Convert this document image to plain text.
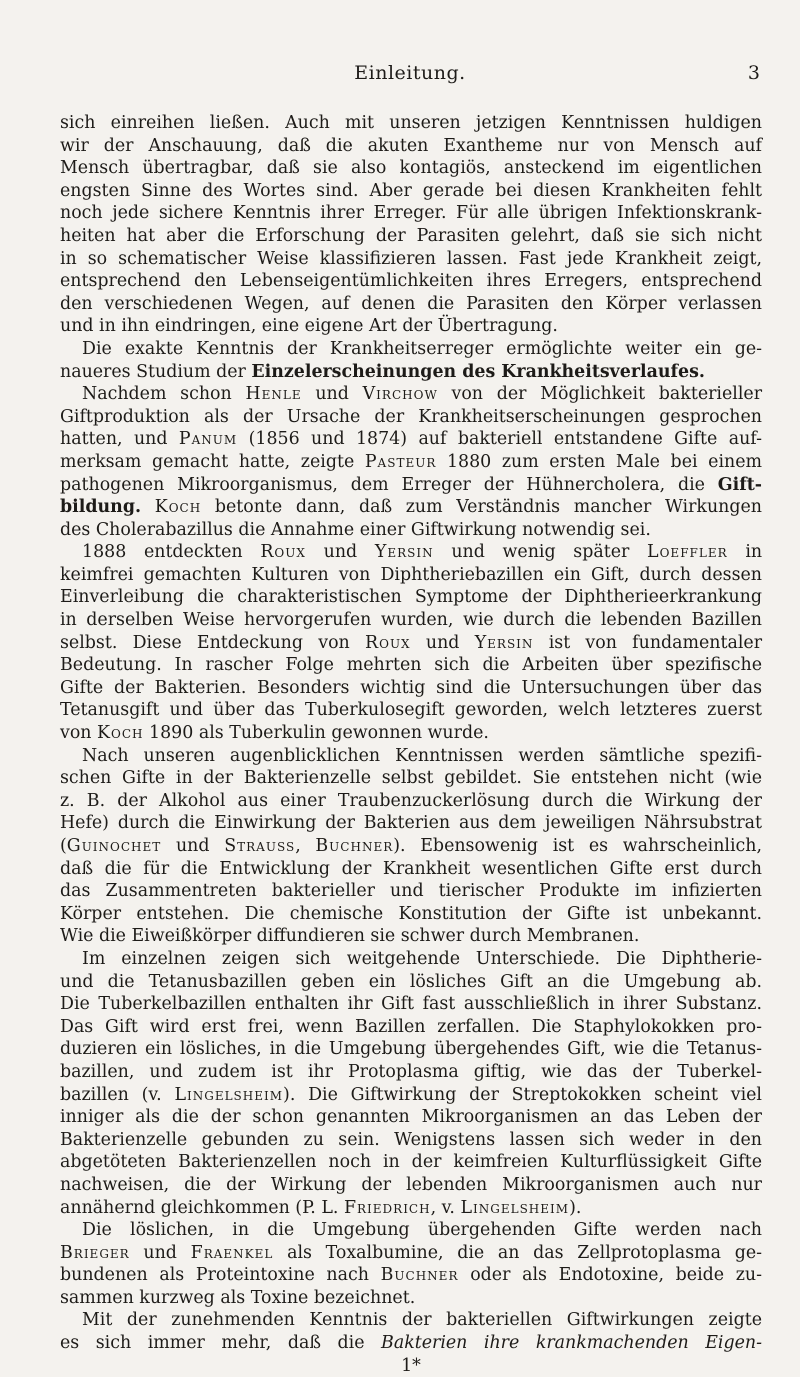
Einleitung.	3
sich einreihen ließen. Auch mit unseren jetzigen Kenntnissen huldigen
wir der Anschauung, daß die akuten Exantheme nur von Mensch auf
Mensch übertragbar, daß sie also kontagiös, ansteckend im eigentlichen
engsten Sinne des Wortes sind. Aber gerade bei diesen Krankheiten fehlt
noch jede sichere Kenntnis ihrer Erreger. Für alle übrigen Infektionskrank-
heiten hat aber die Erforschung der Parasiten gelehrt, daß sie sich nicht
in so schematischer Weise klassifizieren lassen. Fast jede Krankheit zeigt,
entsprechend den Lebenseigentümlichkeiten ihres Erregers, entsprechend
den verschiedenen Wegen, auf denen die Parasiten den Körper verlassen
und in ihn eindringen, eine eigene Art der Übertragung.
Die exakte Kenntnis der Krankheitserreger ermöglichte weiter ein ge-
naueres Studium der Einzelerscheinungen des Krankheitsverlaufes.
Nachdem schon Henle und Virchow von der Möglichkeit bakterieller
Giftproduktion als der Ursache der Krankheitserscheinungen gesprochen
hatten, und Panum (1856 und 1874) auf bakteriell entstandene Gifte auf-
merksam gemacht hatte, zeigte Pasteur 1880 zum ersten Male bei einem
pathogenen Mikroorganismus, dem Erreger der Hühnercholera, die Gift-
bildung. Koch betonte dann, daß zum Verständnis mancher Wirkungen
des Cholerabazillus die Annahme einer Giftwirkung notwendig sei.
1888 entdeckten Roux und Yersin und wenig später Loeffler in
keimfrei gemachten Kulturen von Diphtheriebazillen ein Gift, durch dessen
Einverleibung die charakteristischen Symptome der Diphtherieerkrankung
in derselben Weise hervorgerufen wurden, wie durch die lebenden Bazillen
selbst. Diese Entdeckung von Roux und Yersin ist von fundamentaler
Bedeutung. In rascher Folge mehrten sich die Arbeiten über spezifische
Gifte der Bakterien. Besonders wichtig sind die Untersuchungen über das
Tetanusgift und über das Tuberkulosegift geworden, welch letzteres zuerst
von Koch 1890 als Tuberkulin gewonnen wurde.
Nach unseren augenblicklichen Kenntnissen werden sämtliche spezifi-
schen Gifte in der Bakterienzelle selbst gebildet. Sie entstehen nicht (wie
z. B. der Alkohol aus einer Traubenzuckerlösung durch die Wirkung der
Hefe) durch die Einwirkung der Bakterien aus dem jeweiligen Nährsubstrat
(Guinochet und Strauss, Buchner). Ebensowenig ist es wahrscheinlich,
daß die für die Entwicklung der Krankheit wesentlichen Gifte erst durch
das Zusammentreten bakterieller und tierischer Produkte im infizierten
Körper entstehen. Die chemische Konstitution der Gifte ist unbekannt.
Wie die Eiweißkörper diffundieren sie schwer durch Membranen.
Im einzelnen zeigen sich weitgehende Unterschiede. Die Diphtherie-
und die Tetanusbazillen geben ein lösliches Gift an die Umgebung ab.
Die Tuberkelbazillen enthalten ihr Gift fast ausschließlich in ihrer Substanz.
Das Gift wird erst frei, wenn Bazillen zerfallen. Die Staphylokokken pro-
duzieren ein lösliches, in die Umgebung übergehendes Gift, wie die Tetanus-
bazillen, und zudem ist ihr Protoplasma giftig, wie das der Tuberkel-
bazillen (v. Lingelsheim). Die Giftwirkung der Streptokokken scheint viel
inniger als die der schon genannten Mikroorganismen an das Leben der
Bakterienzelle gebunden zu sein. Wenigstens lassen sich weder in den
abgetöteten Bakterienzellen noch in der keimfreien Kulturflüssigkeit Gifte
nachweisen, die der Wirkung der lebenden Mikroorganismen auch nur
annähernd gleichkommen (P. L. Friedrich, v. Lingelsheim).
Die löslichen, in die Umgebung übergehenden Gifte werden nach
Brieger und Fraenkel als Toxalbumine, die an das Zellprotoplasma ge-
bundenen als Proteintoxine nach Buchner oder als Endotoxine, beide zu-
sammen kurzweg als Toxine bezeichnet.
Mit der zunehmenden Kenntnis der bakteriellen Giftwirkungen zeigte
es sich immer mehr, daß die Bakterien ihre krankmachenden Eigen-
1*
